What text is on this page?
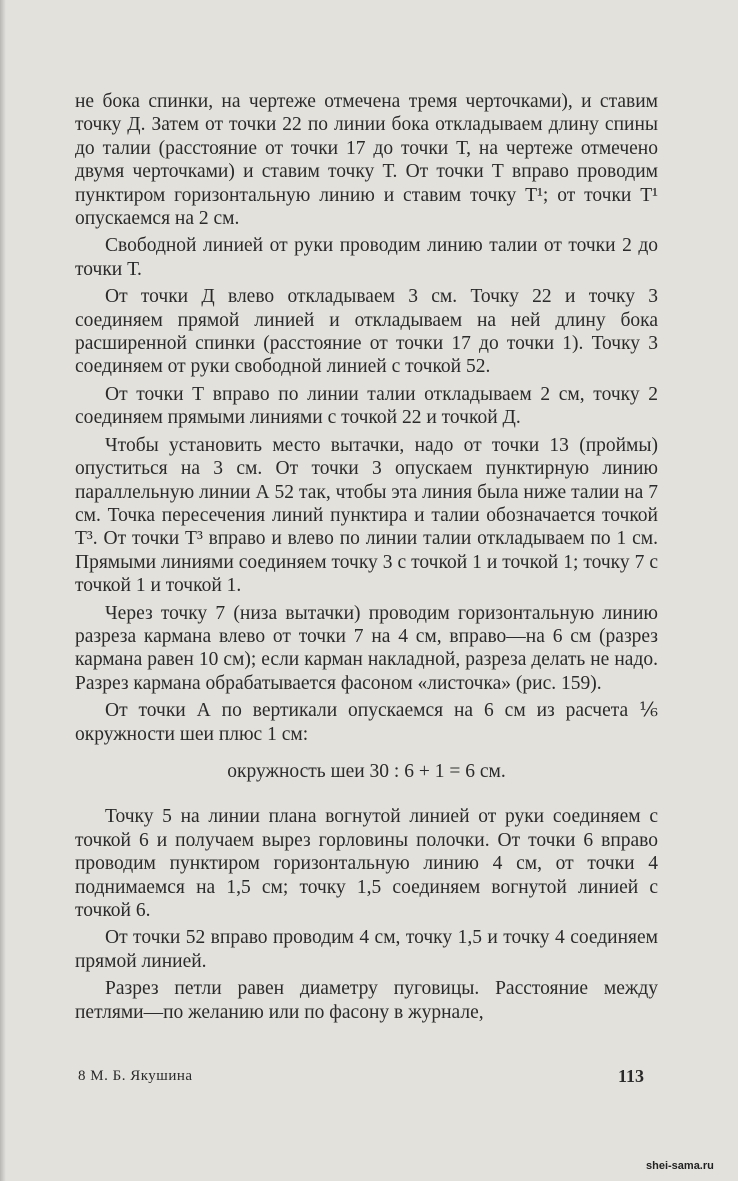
не бока спинки, на чертеже отмечена тремя черточками), и ставим точку Д. Затем от точки 22 по линии бока откладываем длину спины до талии (расстояние от точки 17 до точки Т, на чертеже отмечено двумя черточками) и ставим точку Т. От точки Т вправо проводим пунктиром горизонтальную линию и ставим точку Т¹; от точки Т¹ опускаемся на 2 см.

Свободной линией от руки проводим линию талии от точки 2 до точки Т.

От точки Д влево откладываем 3 см. Точку 22 и точку 3 соединяем прямой линией и откладываем на ней длину бока расширенной спинки (расстояние от точки 17 до точки 1). Точку 3 соединяем от руки свободной линией с точкой 52.

От точки Т вправо по линии талии откладываем 2 см, точку 2 соединяем прямыми линиями с точкой 22 и точкой Д.

Чтобы установить место вытачки, надо от точки 13 (проймы) опуститься на 3 см. От точки 3 опускаем пунктирную линию параллельную линии А 52 так, чтобы эта линия была ниже талии на 7 см. Точка пересечения линий пунктира и талии обозначается точкой Т³. От точки Т³ вправо и влево по линии талии откладываем по 1 см. Прямыми линиями соединяем точку 3 с точкой 1 и точкой 1; точку 7 с точкой 1 и точкой 1.

Через точку 7 (низа вытачки) проводим горизонтальную линию разреза кармана влево от точки 7 на 4 см, вправо—на 6 см (разрез кармана равен 10 см); если карман накладной, разреза делать не надо. Разрез кармана обрабатывается фасоном «листочка» (рис. 159).

От точки А по вертикали опускаемся на 6 см из расчета ⅙ окружности шеи плюс 1 см:

окружность шеи 30 : 6 + 1 = 6 см.

Точку 5 на линии плана вогнутой линией от руки соединяем с точкой 6 и получаем вырез горловины полочки. От точки 6 вправо проводим пунктиром горизонтальную линию 4 см, от точки 4 поднимаемся на 1,5 см; точку 1,5 соединяем вогнутой линией с точкой 6.

От точки 52 вправо проводим 4 см, точку 1,5 и точку 4 соединяем прямой линией.

Разрез петли равен диаметру пуговицы. Расстояние между петлями—по желанию или по фасону в журнале,

8 М. Б. Якушина	113
shei-sama.ru
